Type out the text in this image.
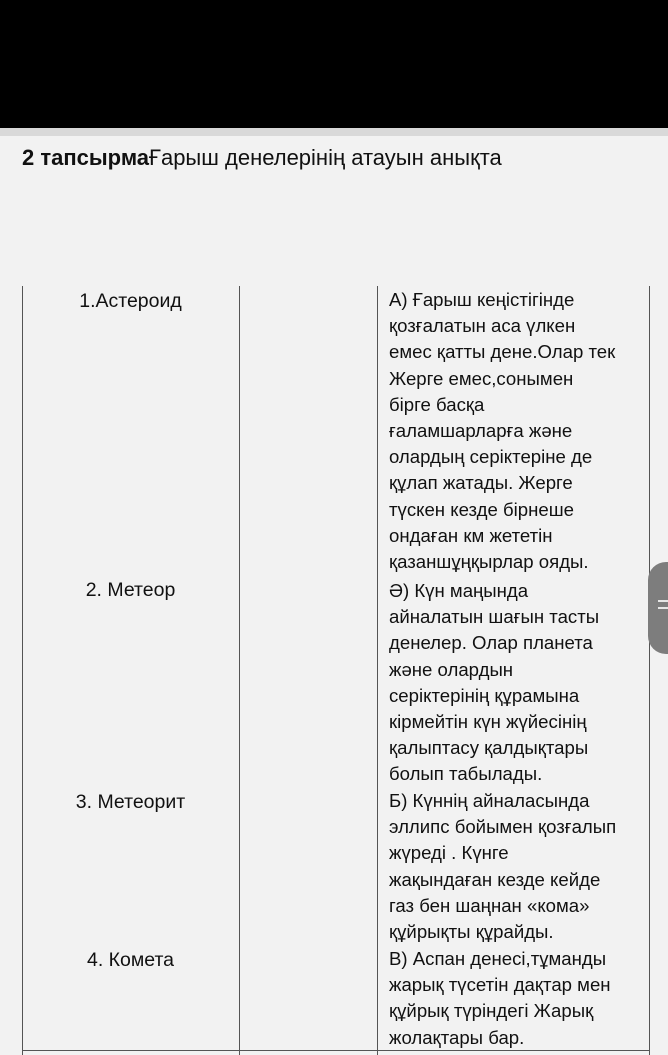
2 тапсырмаҒарыш денелерінің атауын анықта
1.Астероид
2. Метеор
3. Метеорит
4. Комета
А) Ғарыш кеңістігінде
қозғалатын аса үлкен
емес қатты дене.Олар тек
Жерге емес,сонымен
бірге басқа
ғаламшарларға және
олардың серіктеріне де
құлап жатады. Жерге
түскен кезде бірнеше
ондаған км жететін
қазаншұңқырлар ояды.
Ә) Күн маңында
айналатын шағын тасты
денелер. Олар планета
және олардын
серіктерінің құрамына
кірмейтін күн жүйесінің
қалыптасу қалдықтары
болып табылады.
Б) Күннің айналасында
эллипс бойымен қозғалып
жүреді . Күнге
жақындаған кезде кейде
газ бен шаңнан «кома»
құйрықты құрайды.
В) Аспан денесі,тұманды
жарық түсетін дақтар мен
құйрық түріндегі Жарық
жолақтары бар.
